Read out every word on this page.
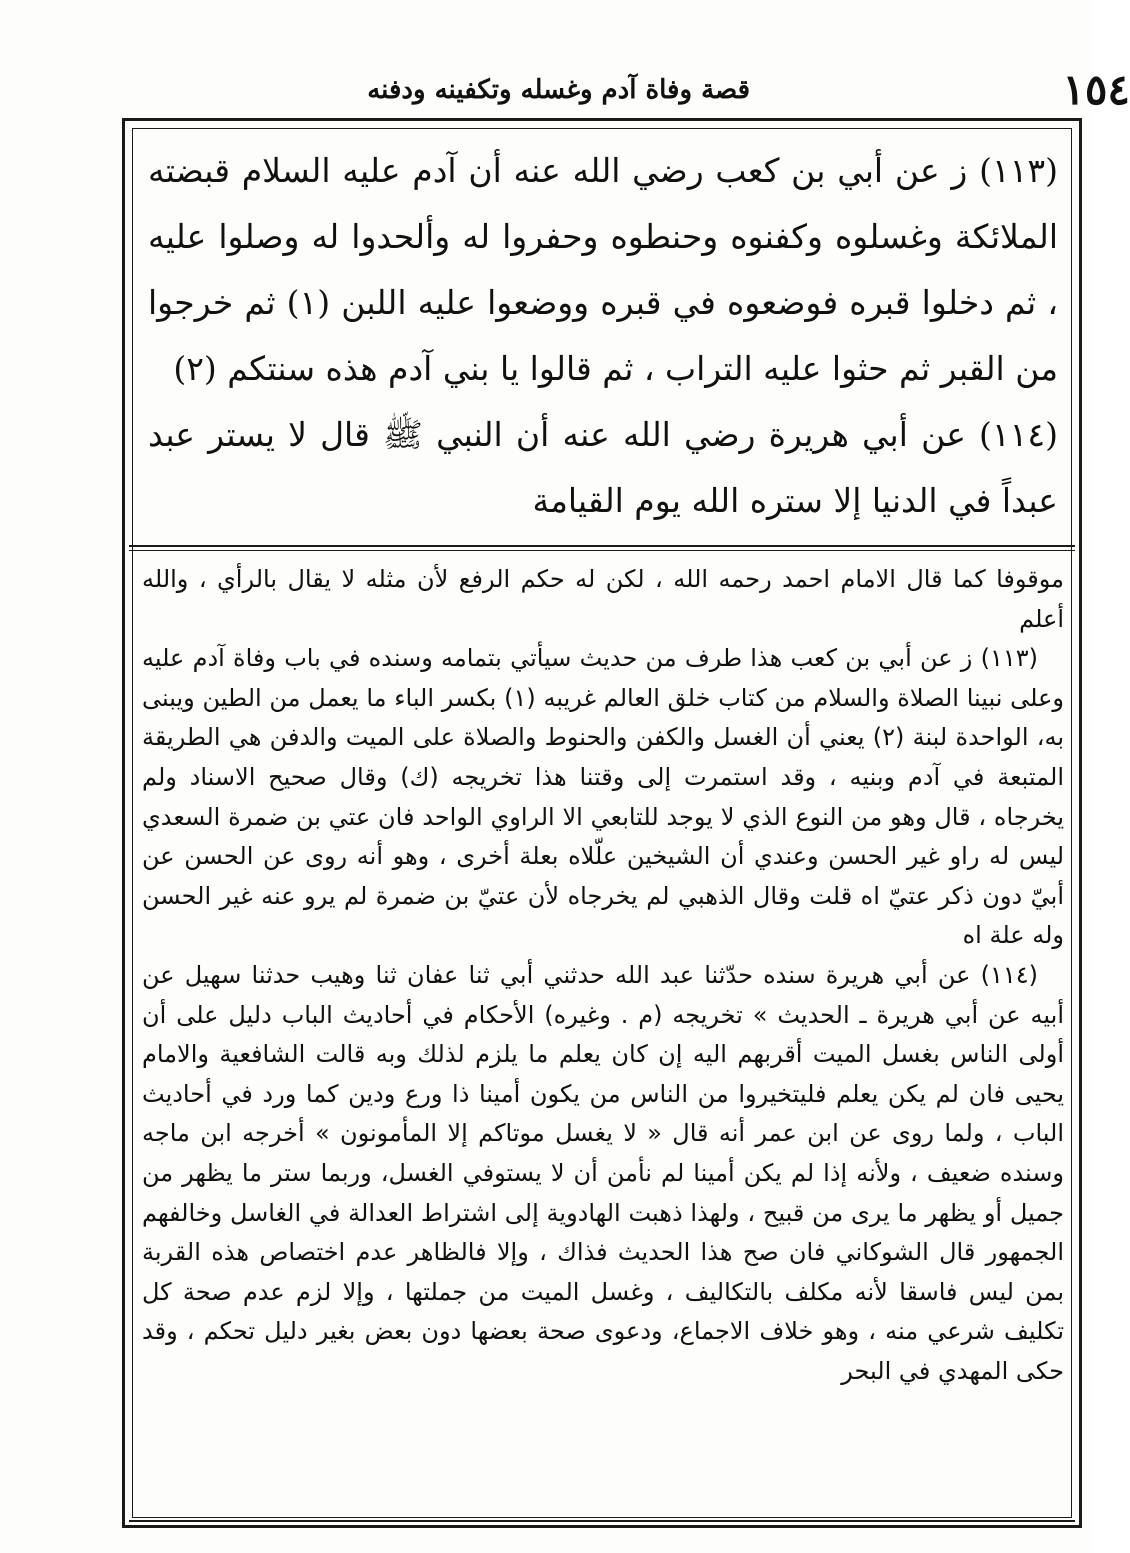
١٥٤
قصة وفاة آدم وغسله وتكفينه ودفنه

(١١٣) ز عن أبي بن كعب رضي الله عنه أن آدم عليه السلام قبضته الملائكة وغسلوه وكفنوه وحنطوه وحفروا له وألحدوا له وصلوا عليه ، ثم دخلوا قبره فوضعوه في قبره ووضعوا عليه اللبن (١) ثم خرجوا من القبر ثم حثوا عليه التراب ، ثم قالوا يا بني آدم هذه سنتكم (٢)

(١١٤) عن أبي هريرة رضي الله عنه أن النبي ﷺ قال لا يستر عبد عبداً في الدنيا إلا ستره الله يوم القيامة

موقوفا كما قال الامام احمد رحمه الله ، لكن له حكم الرفع لأن مثله لا يقال بالرأي ، والله أعلم

(١١٣) ز عن أبي بن كعب هذا طرف من حديث سيأتي بتمامه وسنده في باب وفاة آدم عليه وعلى نبينا الصلاة والسلام من كتاب خلق العالم غريبه (١) بكسر الباء ما يعمل من الطين ويبنى به، الواحدة لبنة (٢) يعني أن الغسل والكفن والحنوط والصلاة على الميت والدفن هي الطريقة المتبعة في آدم وبنيه ، وقد استمرت إلى وقتنا هذا تخريجه (ك) وقال صحيح الاسناد ولم يخرجاه ، قال وهو من النوع الذي لا يوجد للتابعي الا الراوي الواحد فان عتي بن ضمرة السعدي ليس له راو غير الحسن وعندي أن الشيخين علّلاه بعلة أخرى ، وهو أنه روى عن الحسن عن أبيّ دون ذكر عتيّ اه قلت وقال الذهبي لم يخرجاه لأن عتيّ بن ضمرة لم يرو عنه غير الحسن وله علة اه

(١١٤) عن أبي هريرة سنده حدّثنا عبد الله حدثني أبي ثنا عفان ثنا وهيب حدثنا سهيل عن أبيه عن أبي هريرة ـ الحديث » تخريجه (م . وغيره) الأحكام في أحاديث الباب دليل على أن أولى الناس بغسل الميت أقربهم اليه إن كان يعلم ما يلزم لذلك وبه قالت الشافعية والامام يحيى فان لم يكن يعلم فليتخيروا من الناس من يكون أمينا ذا ورع ودين كما ورد في أحاديث الباب ، ولما روى عن ابن عمر أنه قال « لا يغسل موتاكم إلا المأمونون » أخرجه ابن ماجه وسنده ضعيف ، ولأنه إذا لم يكن أمينا لم نأمن أن لا يستوفي الغسل، وربما ستر ما يظهر من جميل أو يظهر ما يرى من قبيح ، ولهذا ذهبت الهادوية إلى اشتراط العدالة في الغاسل وخالفهم الجمهور قال الشوكاني فان صح هذا الحديث فذاك ، وإلا فالظاهر عدم اختصاص هذه القربة بمن ليس فاسقا لأنه مكلف بالتكاليف ، وغسل الميت من جملتها ، وإلا لزم عدم صحة كل تكليف شرعي منه ، وهو خلاف الاجماع، ودعوى صحة بعضها دون بعض بغير دليل تحكم ، وقد حكى المهدي في البحر
